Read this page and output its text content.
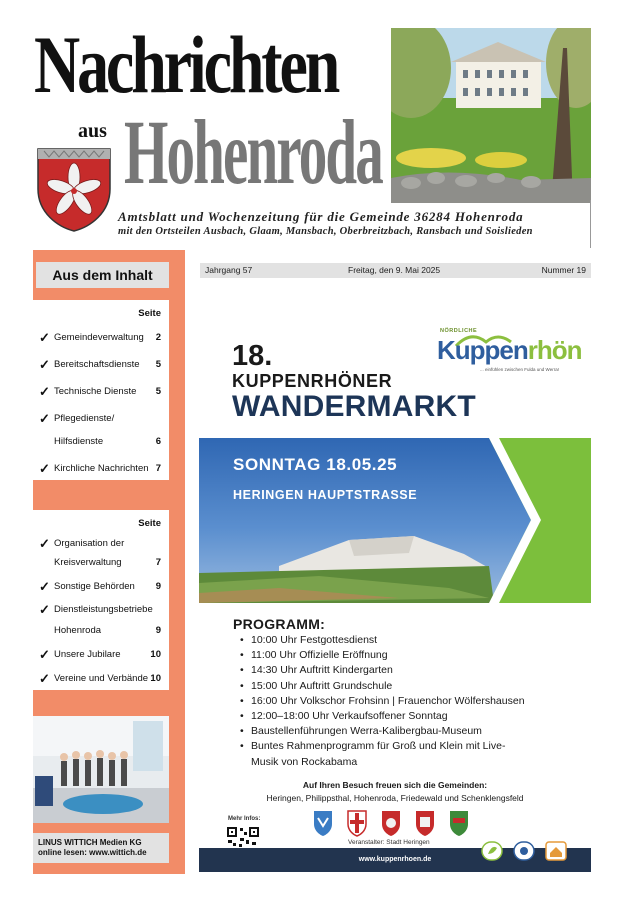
Nachrichten
aus Hohenroda
Amtsblatt und Wochenzeitung für die Gemeinde 36284 Hohenroda
mit den Ortsteilen Ausbach, Glaam, Mansbach, Oberbreitzbach, Ransbach und Soislieden
Aus dem Inhalt
Seite
✓ Gemeindeverwaltung 2
✓ Bereitschaftsdienste 5
✓ Technische Dienste 5
✓ Pflegedienste/
Hilfsdienste	6
✓ Kirchliche Nachrichten 7
Seite
✓ Organisation der
Kreisverwaltung	7
✓ Sonstige Behörden 9
✓ Dienstleistungsbetriebe
Hohenroda	9
✓ Unsere Jubilare	10
✓ Vereine und Verbände 10
LINUS WITTICH Medien KG
online lesen: www.wittich.de
Jahrgang 57	Freitag, den 9. Mai 2025	Nummer 19
NÖRDLICHE
Kuppenrhön
... einfühlen zwischen Fulda und Werra!
18.
KUPPENRHÖNER
WANDERMARKT
SONNTAG 18.05.25
HERINGEN HAUPTSTRASSE
PROGRAMM:
• 10:00 Uhr Festgottesdienst
• 11:00 Uhr Offizielle Eröffnung
• 14:30 Uhr Auftritt Kindergarten
• 15:00 Uhr Auftritt Grundschule
• 16:00 Uhr Volkschor Frohsinn | Frauenchor Wölfershausen
• 12:00–18:00 Uhr Verkaufsoffener Sonntag
• Baustellenführungen Werra-Kalibergbau-Museum
• Buntes Rahmenprogramm für Groß und Klein mit Live-
Musik von Rockabama
Auf Ihren Besuch freuen sich die Gemeinden:
Heringen, Philippsthal, Hohenroda, Friedewald und Schenklengsfeld
Mehr Infos:
Veranstalter: Stadt Heringen
www.kuppenrhoen.de
